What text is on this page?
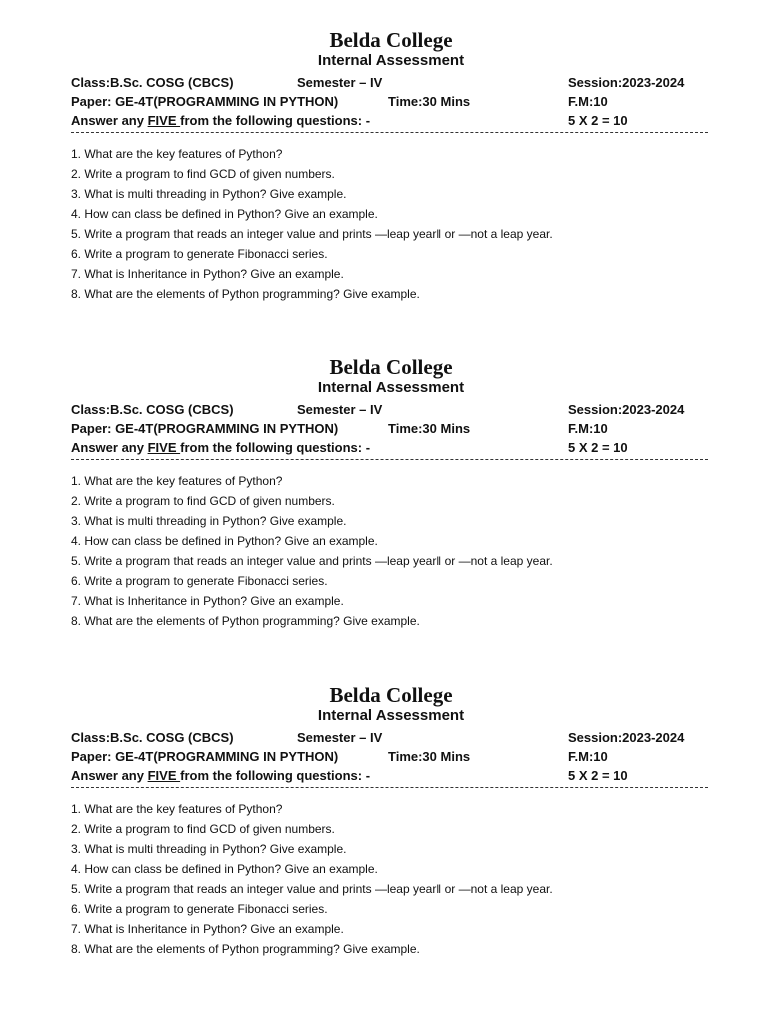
Belda College
Internal Assessment
Class:B.Sc. COSG (CBCS)	Semester – IV	Session:2023-2024
Paper: GE-4T(PROGRAMMING IN PYTHON)	Time:30 Mins	F.M:10
Answer any FIVE from the following questions: -	5 X 2 = 10
1. What are the key features of Python?
2. Write a program to find GCD of given numbers.
3. What is multi threading in Python? Give example.
4. How can class be defined in Python? Give an example.
5. Write a program that reads an integer value and prints ―leap year‖ or ―not a leap year.
6. Write a program to generate Fibonacci series.
7. What is Inheritance in Python? Give an example.
8. What are the elements of Python programming? Give example.
Belda College
Internal Assessment
Class:B.Sc. COSG (CBCS)	Semester – IV	Session:2023-2024
Paper: GE-4T(PROGRAMMING IN PYTHON)	Time:30 Mins	F.M:10
Answer any FIVE from the following questions: -	5 X 2 = 10
1. What are the key features of Python?
2. Write a program to find GCD of given numbers.
3. What is multi threading in Python? Give example.
4. How can class be defined in Python? Give an example.
5. Write a program that reads an integer value and prints ―leap year‖ or ―not a leap year.
6. Write a program to generate Fibonacci series.
7. What is Inheritance in Python? Give an example.
8. What are the elements of Python programming? Give example.
Belda College
Internal Assessment
Class:B.Sc. COSG (CBCS)	Semester – IV	Session:2023-2024
Paper: GE-4T(PROGRAMMING IN PYTHON)	Time:30 Mins	F.M:10
Answer any FIVE from the following questions: -	5 X 2 = 10
1. What are the key features of Python?
2. Write a program to find GCD of given numbers.
3. What is multi threading in Python? Give example.
4. How can class be defined in Python? Give an example.
5. Write a program that reads an integer value and prints ―leap year‖ or ―not a leap year.
6. Write a program to generate Fibonacci series.
7. What is Inheritance in Python? Give an example.
8. What are the elements of Python programming? Give example.
